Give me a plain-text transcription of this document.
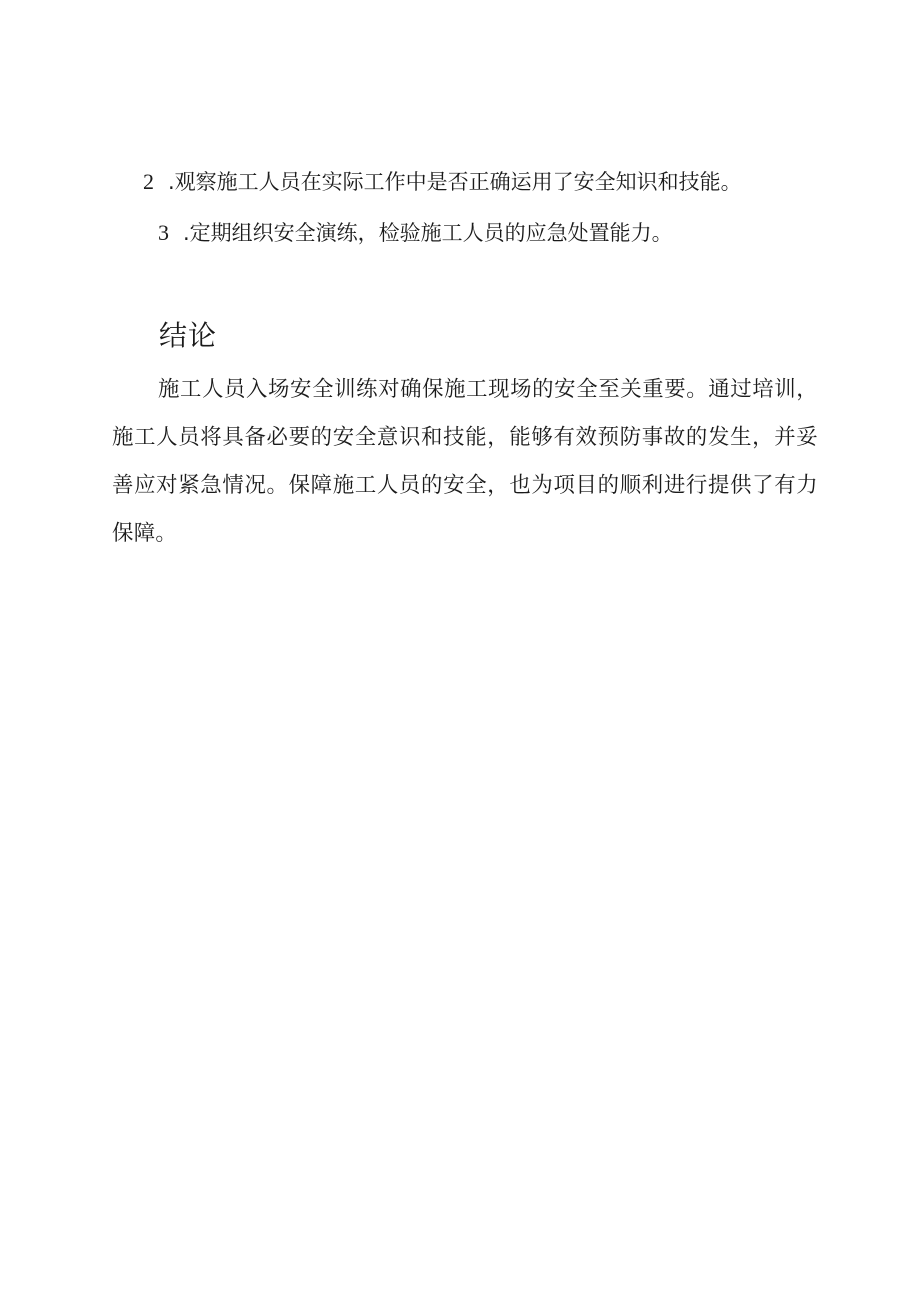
2 .观察施工人员在实际工作中是否正确运用了安全知识和技能。
3 .定期组织安全演练，检验施工人员的应急处置能力。
结论

施工人员入场安全训练对确保施工现场的安全至关重要。通过培训，施工人员将具备必要的安全意识和技能，能够有效预防事故的发生，并妥善应对紧急情况。保障施工人员的安全，也为项目的顺利进行提供了有力保障。
